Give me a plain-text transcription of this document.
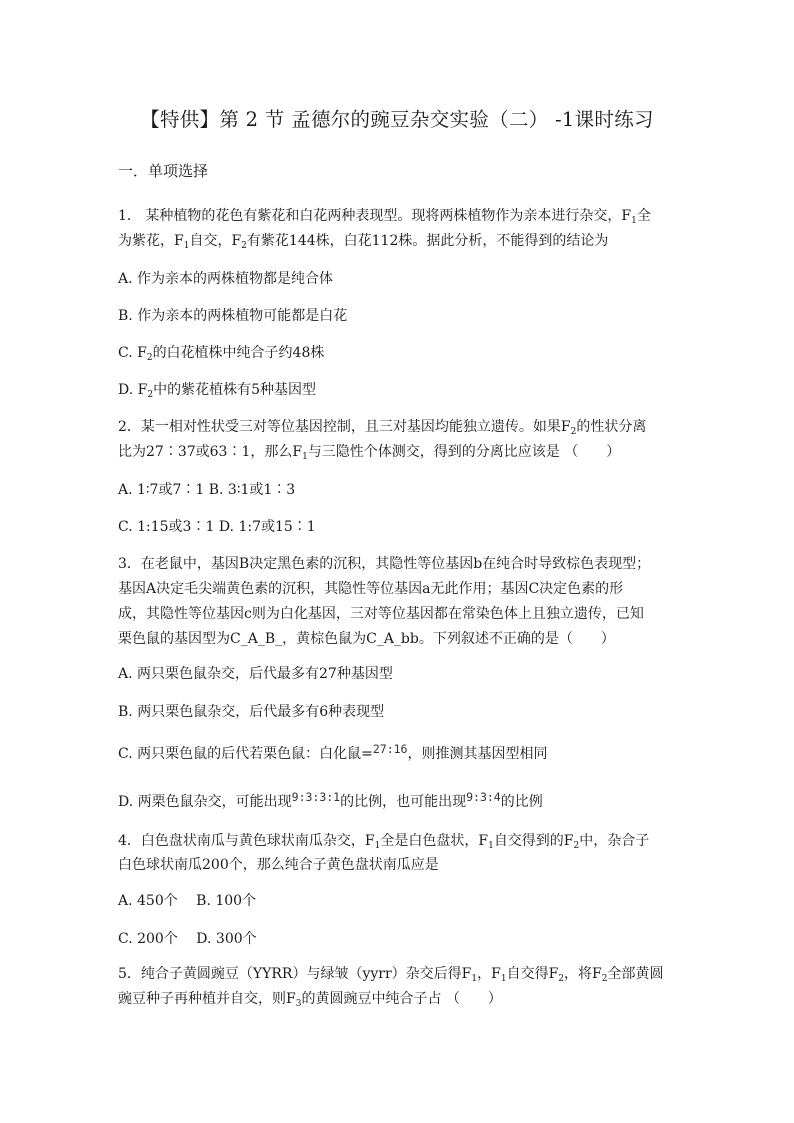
【特供】第 2 节 孟德尔的豌豆杂交实验（二） -1课时练习
一．单项选择
1． 某种植物的花色有紫花和白花两种表现型。现将两株植物作为亲本进行杂交，$F_1$全
为紫花，$F_1$自交，$F_2$有紫花144株，白花112株。据此分析，不能得到的结论为
A. 作为亲本的两株植物都是纯合体
B. 作为亲本的两株植物可能都是白花
C. $F_2$的白花植株中纯合子约48株
D. $F_2$中的紫花植株有5种基因型
2．某一相对性状受三对等位基因控制，且三对基因均能独立遗传。如果$F_2$的性状分离
比为27∶37或63∶1，那么$F_1$与三隐性个体测交，得到的分离比应该是 （　　）
A. 1∶7或7∶1 B. 3∶1或1∶3
C. 1:15或3∶1 D. 1:7或15∶1
3．在老鼠中，基因B决定黑色素的沉积，其隐性等位基因b在纯合时导致棕色表现型；
基因A决定毛尖端黄色素的沉积，其隐性等位基因a无此作用；基因C决定色素的形
成，其隐性等位基因c则为白化基因，三对等位基因都在常染色体上且独立遗传，已知
栗色鼠的基因型为C_A_B_，黄棕色鼠为C_A_bb。下列叙述不正确的是（　　）
A. 两只栗色鼠杂交，后代最多有27种基因型
B. 两只栗色鼠杂交，后代最多有6种表现型
C. 两只栗色鼠的后代若栗色鼠：白化鼠=$^{27:16}$，则推测其基因型相同
D. 两栗色鼠杂交，可能出现$^{9:3:3:1}$的比例，也可能出现$^{9:3:4}$的比例
4．白色盘状南瓜与黄色球状南瓜杂交，$F_1$全是白色盘状，$F_1$自交得到的$F_2$中，杂合子
白色球状南瓜200个，那么纯合子黄色盘状南瓜应是
A. 450个　 B. 100个
C. 200个　 D. 300个
5．纯合子黄圆豌豆（YYRR）与绿皱（yyrr）杂交后得$F_1$，$F_1$自交得$F_2$，将$F_2$全部黄圆
豌豆种子再种植并自交，则$F_3$的黄圆豌豆中纯合子占 （　　）
